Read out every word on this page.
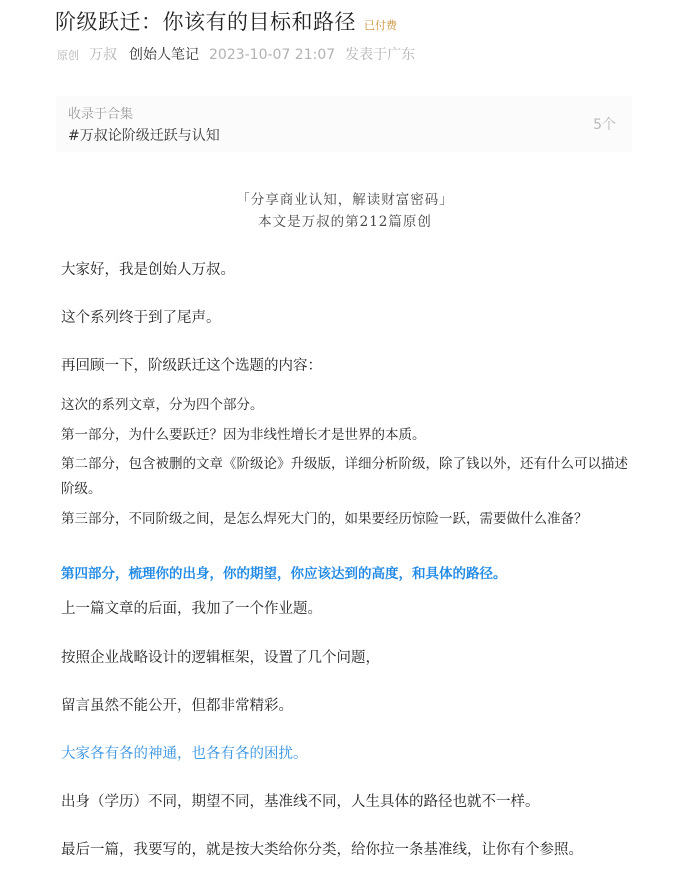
阶级跃迁：你该有的目标和路径 已付费
原创 万叔 创始人笔记 2023-10-07 21:07 发表于广东
收录于合集
#万叔论阶级迁跃与认知
5个
「分享商业认知，解读财富密码」
本文是万叔的第212篇原创
大家好，我是创始人万叔。
这个系列终于到了尾声。
再回顾一下，阶级跃迁这个选题的内容：
这次的系列文章，分为四个部分。
第一部分，为什么要跃迁？因为非线性增长才是世界的本质。
第二部分，包含被删的文章《阶级论》升级版，详细分析阶级，除了钱以外，还有什么可以描述阶级。
第三部分，不同阶级之间，是怎么焊死大门的，如果要经历惊险一跃，需要做什么准备？
第四部分，梳理你的出身，你的期望，你应该达到的高度，和具体的路径。
上一篇文章的后面，我加了一个作业题。
按照企业战略设计的逻辑框架，设置了几个问题，
留言虽然不能公开，但都非常精彩。
大家各有各的神通，也各有各的困扰。
出身（学历）不同，期望不同，基准线不同，人生具体的路径也就不一样。
最后一篇，我要写的，就是按大类给你分类，给你拉一条基准线，让你有个参照。
